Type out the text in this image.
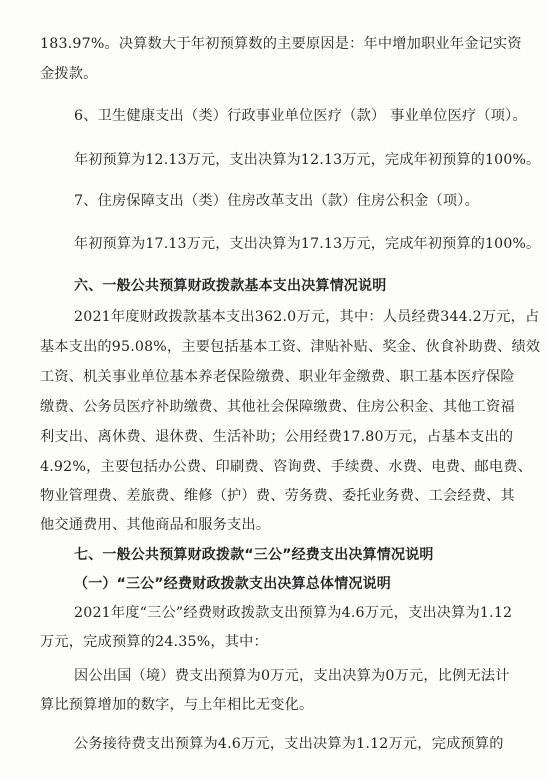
183.97%。决算数大于年初预算数的主要原因是：年中增加职业年金记实资
金拨款。
6、卫生健康支出（类）行政事业单位医疗（款） 事业单位医疗（项）。
年初预算为12.13万元，支出决算为12.13万元，完成年初预算的100%。
7、住房保障支出（类）住房改革支出（款）住房公积金（项）。
年初预算为17.13万元，支出决算为17.13万元，完成年初预算的100%。
六、一般公共预算财政拨款基本支出决算情况说明
2021年度财政拨款基本支出362.0万元，其中：人员经费344.2万元，占
基本支出的95.08%，主要包括基本工资、津贴补贴、奖金、伙食补助费、绩效
工资、机关事业单位基本养老保险缴费、职业年金缴费、职工基本医疗保险
缴费、公务员医疗补助缴费、其他社会保障缴费、住房公积金、其他工资福
利支出、离休费、退休费、生活补助；公用经费17.80万元，占基本支出的
4.92%，主要包括办公费、印刷费、咨询费、手续费、水费、电费、邮电费、
物业管理费、差旅费、维修（护）费、劳务费、委托业务费、工会经费、其
他交通费用、其他商品和服务支出。
七、一般公共预算财政拨款“三公”经费支出决算情况说明
（一）“三公”经费财政拨款支出决算总体情况说明
2021年度“三公”经费财政拨款支出预算为4.6万元，支出决算为1.12
万元，完成预算的24.35%，其中：
因公出国（境）费支出预算为0万元，支出决算为0万元，比例无法计
算比预算增加的数字，与上年相比无变化。
公务接待费支出预算为4.6万元，支出决算为1.12万元，完成预算的
